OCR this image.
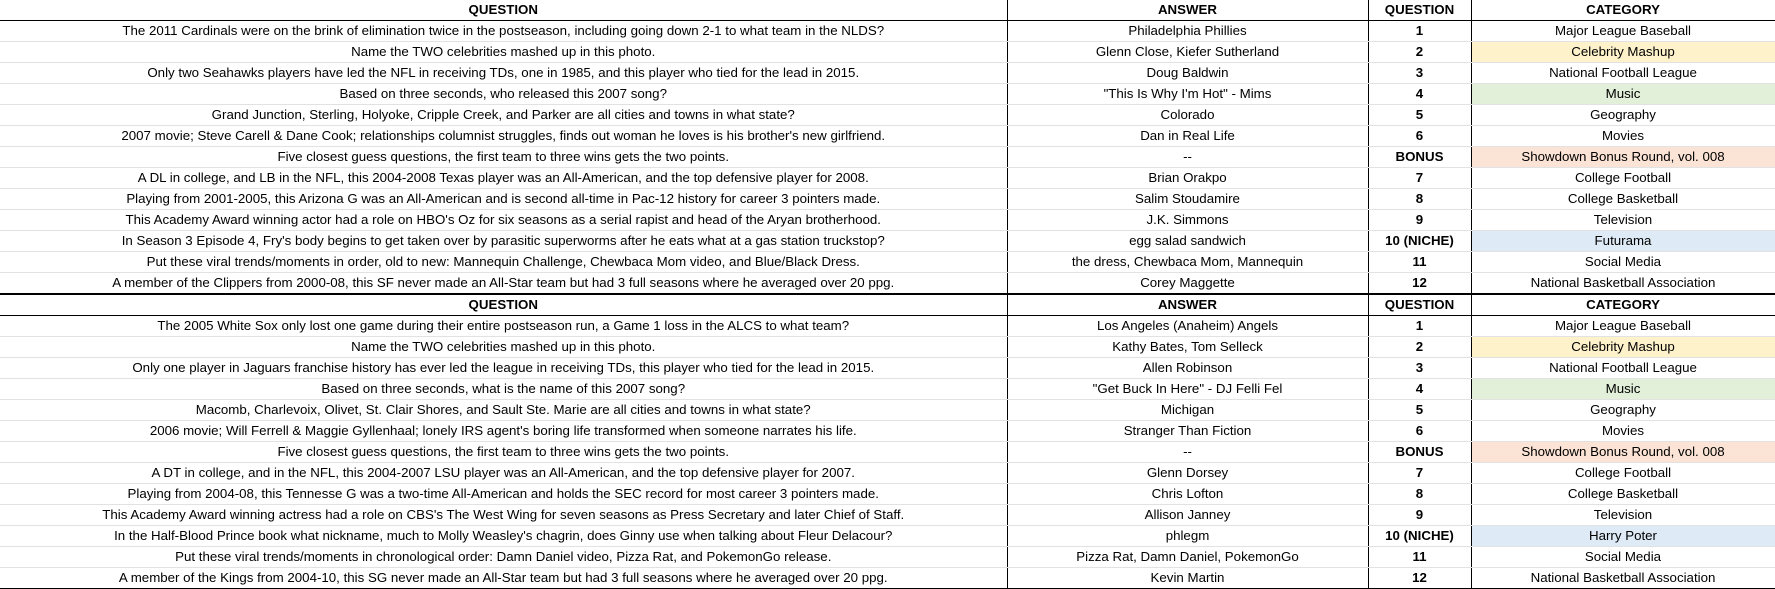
QUESTION	ANSWER	QUESTION	CATEGORY
The 2011 Cardinals were on the brink of elimination twice in the postseason, including going down 2-1 to what team in the NLDS?	Philadelphia Phillies	1	Major League Baseball
Name the TWO celebrities mashed up in this photo.	Glenn Close, Kiefer Sutherland	2	Celebrity Mashup
Only two Seahawks players have led the NFL in receiving TDs, one in 1985, and this player who tied for the lead in 2015.	Doug Baldwin	3	National Football League
Based on three seconds, who released this 2007 song?	"This Is Why I'm Hot" - Mims	4	Music
Grand Junction, Sterling, Holyoke, Cripple Creek, and Parker are all cities and towns in what state?	Colorado	5	Geography
2007 movie; Steve Carell & Dane Cook; relationships columnist struggles, finds out woman he loves is his brother's new girlfriend.	Dan in Real Life	6	Movies
Five closest guess questions, the first team to three wins gets the two points.	--	BONUS	Showdown Bonus Round, vol. 008
A DL in college, and LB in the NFL, this 2004-2008 Texas player was an All-American, and the top defensive player for 2008.	Brian Orakpo	7	College Football
Playing from 2001-2005, this Arizona G was an All-American and is second all-time in Pac-12 history for career 3 pointers made.	Salim Stoudamire	8	College Basketball
This Academy Award winning actor had a role on HBO's Oz for six seasons as a serial rapist and head of the Aryan brotherhood.	J.K. Simmons	9	Television
In Season 3 Episode 4, Fry's body begins to get taken over by parasitic superworms after he eats what at a gas station truckstop?	egg salad sandwich	10 (NICHE)	Futurama
Put these viral trends/moments in order, old to new: Mannequin Challenge, Chewbaca Mom video, and Blue/Black Dress.	the dress, Chewbaca Mom, Mannequin	11	Social Media
A member of the Clippers from 2000-08, this SF never made an All-Star team but had 3 full seasons where he averaged over 20 ppg.	Corey Maggette	12	National Basketball Association
QUESTION	ANSWER	QUESTION	CATEGORY
The 2005 White Sox only lost one game during their entire postseason run, a Game 1 loss in the ALCS to what team?	Los Angeles (Anaheim) Angels	1	Major League Baseball
Name the TWO celebrities mashed up in this photo.	Kathy Bates, Tom Selleck	2	Celebrity Mashup
Only one player in Jaguars franchise history has ever led the league in receiving TDs, this player who tied for the lead in 2015.	Allen Robinson	3	National Football League
Based on three seconds, what is the name of this 2007 song?	"Get Buck In Here" - DJ Felli Fel	4	Music
Macomb, Charlevoix, Olivet, St. Clair Shores, and Sault Ste. Marie are all cities and towns in what state?	Michigan	5	Geography
2006 movie; Will Ferrell & Maggie Gyllenhaal; lonely IRS agent's boring life transformed when someone narrates his life.	Stranger Than Fiction	6	Movies
Five closest guess questions, the first team to three wins gets the two points.	--	BONUS	Showdown Bonus Round, vol. 008
A DT in college, and in the NFL, this 2004-2007 LSU player was an All-American, and the top defensive player for 2007.	Glenn Dorsey	7	College Football
Playing from 2004-08, this Tennesse G was a two-time All-American and holds the SEC record for most career 3 pointers made.	Chris Lofton	8	College Basketball
This Academy Award winning actress had a role on CBS's The West Wing for seven seasons as Press Secretary and later Chief of Staff.	Allison Janney	9	Television
In the Half-Blood Prince book what nickname, much to Molly Weasley's chagrin, does Ginny use when talking about Fleur Delacour?	phlegm	10 (NICHE)	Harry Poter
Put these viral trends/moments in chronological order: Damn Daniel video, Pizza Rat, and PokemonGo release.	Pizza Rat, Damn Daniel, PokemonGo	11	Social Media
A member of the Kings from 2004-10, this SG never made an All-Star team but had 3 full seasons where he averaged over 20 ppg.	Kevin Martin	12	National Basketball Association
